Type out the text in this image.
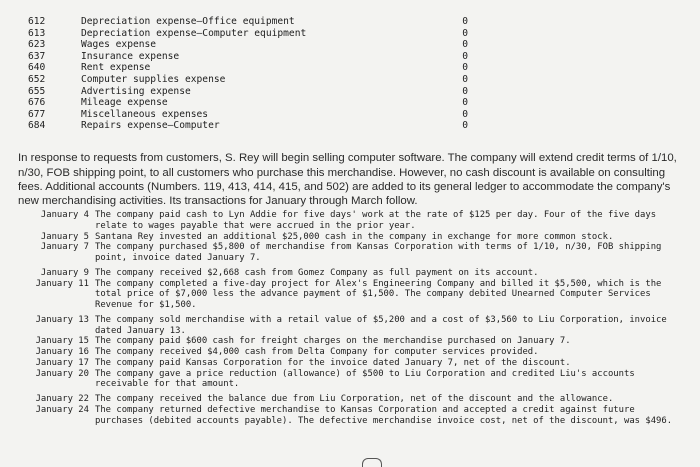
612	Depreciation expense—Office equipment	0
613	Depreciation expense—Computer equipment	0
623	Wages expense	0
637	Insurance expense	0
640	Rent expense	0
652	Computer supplies expense	0
655	Advertising expense	0
676	Mileage expense	0
677	Miscellaneous expenses	0
684	Repairs expense—Computer	0

In response to requests from customers, S. Rey will begin selling computer software. The company will extend credit terms of 1/10, n/30, FOB shipping point, to all customers who purchase this merchandise. However, no cash discount is available on consulting fees. Additional accounts (Numbers. 119, 413, 414, 415, and 502) are added to its general ledger to accommodate the company's new merchandising activities. Its transactions for January through March follow.

January 4 The company paid cash to Lyn Addie for five days' work at the rate of $125 per day. Four of the five days relate to wages payable that were accrued in the prior year.
January 5 Santana Rey invested an additional $25,000 cash in the company in exchange for more common stock.
January 7 The company purchased $5,800 of merchandise from Kansas Corporation with terms of 1/10, n/30, FOB shipping point, invoice dated January 7.
January 9 The company received $2,668 cash from Gomez Company as full payment on its account.
January 11 The company completed a five-day project for Alex's Engineering Company and billed it $5,500, which is the total price of $7,000 less the advance payment of $1,500. The company debited Unearned Computer Services Revenue for $1,500.
January 13 The company sold merchandise with a retail value of $5,200 and a cost of $3,560 to Liu Corporation, invoice dated January 13.
January 15 The company paid $600 cash for freight charges on the merchandise purchased on January 7.
January 16 The company received $4,000 cash from Delta Company for computer services provided.
January 17 The company paid Kansas Corporation for the invoice dated January 7, net of the discount.
January 20 The company gave a price reduction (allowance) of $500 to Liu Corporation and credited Liu's accounts receivable for that amount.
January 22 The company received the balance due from Liu Corporation, net of the discount and the allowance.
January 24 The company returned defective merchandise to Kansas Corporation and accepted a credit against future purchases (debited accounts payable). The defective merchandise invoice cost, net of the discount, was $496.
